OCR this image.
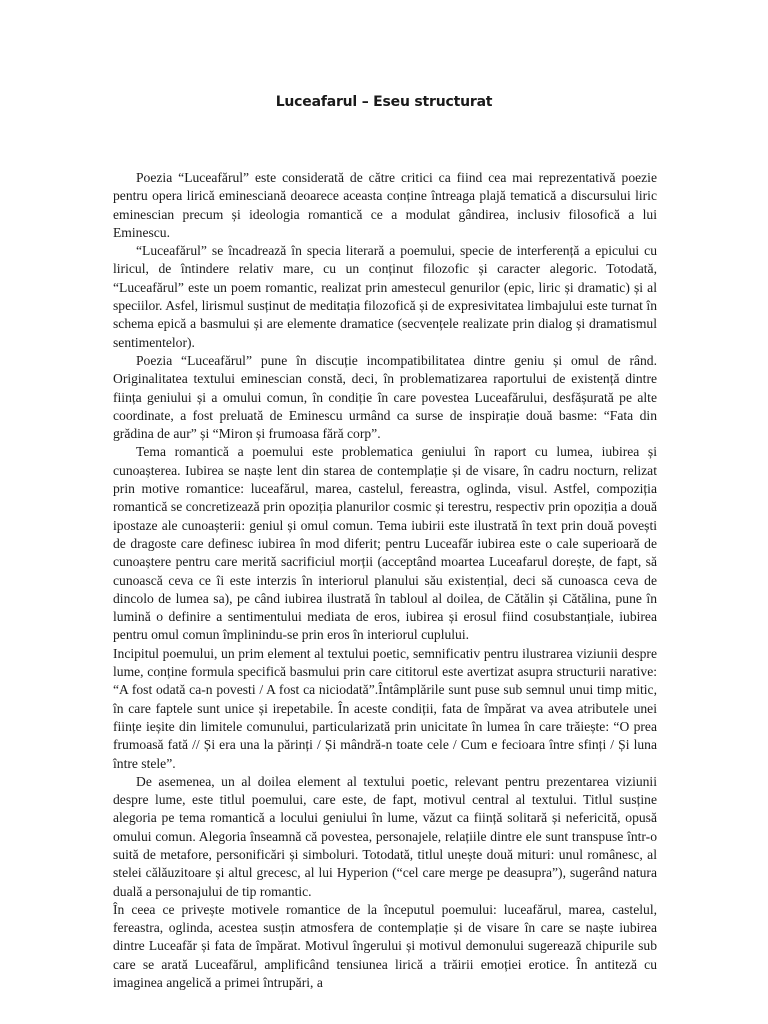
Luceafarul – Eseu structurat

Poezia “Luceafărul” este considerată de către critici ca fiind cea mai reprezentativă poezie pentru opera lirică eminesciană deoarece aceasta conține întreaga plajă tematică a discursului liric eminescian precum și ideologia romantică ce a modulat gândirea, inclusiv filosofică a lui Eminescu.

“Luceafărul” se încadrează în specia literară a poemului, specie de interferență a epicului cu liricul, de întindere relativ mare, cu un conținut filozofic și caracter alegoric. Totodată, “Luceafărul” este un poem romantic, realizat prin amestecul genurilor (epic, liric și dramatic) și al speciilor. Asfel, lirismul susținut de meditația filozofică și de expresivitatea limbajului este turnat în schema epică a basmului și are elemente dramatice (secvențele realizate prin dialog și dramatismul sentimentelor).

Poezia “Luceafărul” pune în discuție incompatibilitatea dintre geniu și omul de rând. Originalitatea textului eminescian constă, deci, în problematizarea raportului de existență dintre ființa geniului și a omului comun, în condiție în care povestea Luceafărului, desfășurată pe alte coordinate, a fost preluată de Eminescu urmând ca surse de inspirație două basme: “Fata din grădina de aur” și “Miron și frumoasa fără corp”.

Tema romantică a poemului este problematica geniului în raport cu lumea, iubirea și cunoașterea. Iubirea se naște lent din starea de contemplație și de visare, în cadru nocturn, relizat prin motive romantice: luceafărul, marea, castelul, fereastra, oglinda, visul. Astfel, compoziția romantică se concretizează prin opoziția planurilor cosmic și terestru, respectiv prin opoziția a două ipostaze ale cunoașterii: geniul și omul comun. Tema iubirii este ilustrată în text prin două povești de dragoste care definesc iubirea în mod diferit; pentru Luceafăr iubirea este o cale superioară de cunoaștere pentru care merită sacrificiul morții (acceptând moartea Luceafarul dorește, de fapt, să cunoască ceva ce îi este interzis în interiorul planului său existențial, deci să cunoasca ceva de dincolo de lumea sa), pe când iubirea ilustrată în tabloul al doilea, de Cătălin și Cătălina, pune în lumină o definire a sentimentului mediata de eros, iubirea și erosul fiind cosubstanțiale, iubirea pentru omul comun împlinindu-se prin eros în interiorul cuplului.

Incipitul poemului, un prim element al textului poetic, semnificativ pentru ilustrarea viziunii despre lume, conține formula specifică basmului prin care cititorul este avertizat asupra structurii narative: “A fost odată ca-n povesti / A fost ca niciodată”.Întâmplările sunt puse sub semnul unui timp mitic, în care faptele sunt unice și irepetabile. În aceste condiții, fata de împărat va avea atributele unei ființe ieșite din limitele comunului, particularizată prin unicitate în lumea în care trăiește: “O prea frumoasă fată // Și era una la părinți / Și mândră-n toate cele / Cum e fecioara între sfinți / Și luna între stele”.

De asemenea, un al doilea element al textului poetic, relevant pentru prezentarea viziunii despre lume, este titlul poemului, care este, de fapt, motivul central al textului. Titlul susține alegoria pe tema romantică a locului geniului în lume, văzut ca ființă solitară și nefericită, opusă omului comun. Alegoria înseamnă că povestea, personajele, relațiile dintre ele sunt transpuse într-o suită de metafore, personificări și simboluri. Totodată, titlul unește două mituri: unul românesc, al stelei călăuzitoare și altul grecesc, al lui Hyperion (“cel care merge pe deasupra”), sugerând natura duală a personajului de tip romantic.

În ceea ce privește motivele romantice de la începutul poemului: luceafărul, marea, castelul, fereastra, oglinda, acestea susțin atmosfera de contemplație și de visare în care se naște iubirea dintre Luceafăr și fata de împărat. Motivul îngerului și motivul demonului sugerează chipurile sub care se arată Luceafărul, amplificând tensiunea lirică a trăirii emoției erotice. În antiteză cu imaginea angelică a primei întrupări, a
